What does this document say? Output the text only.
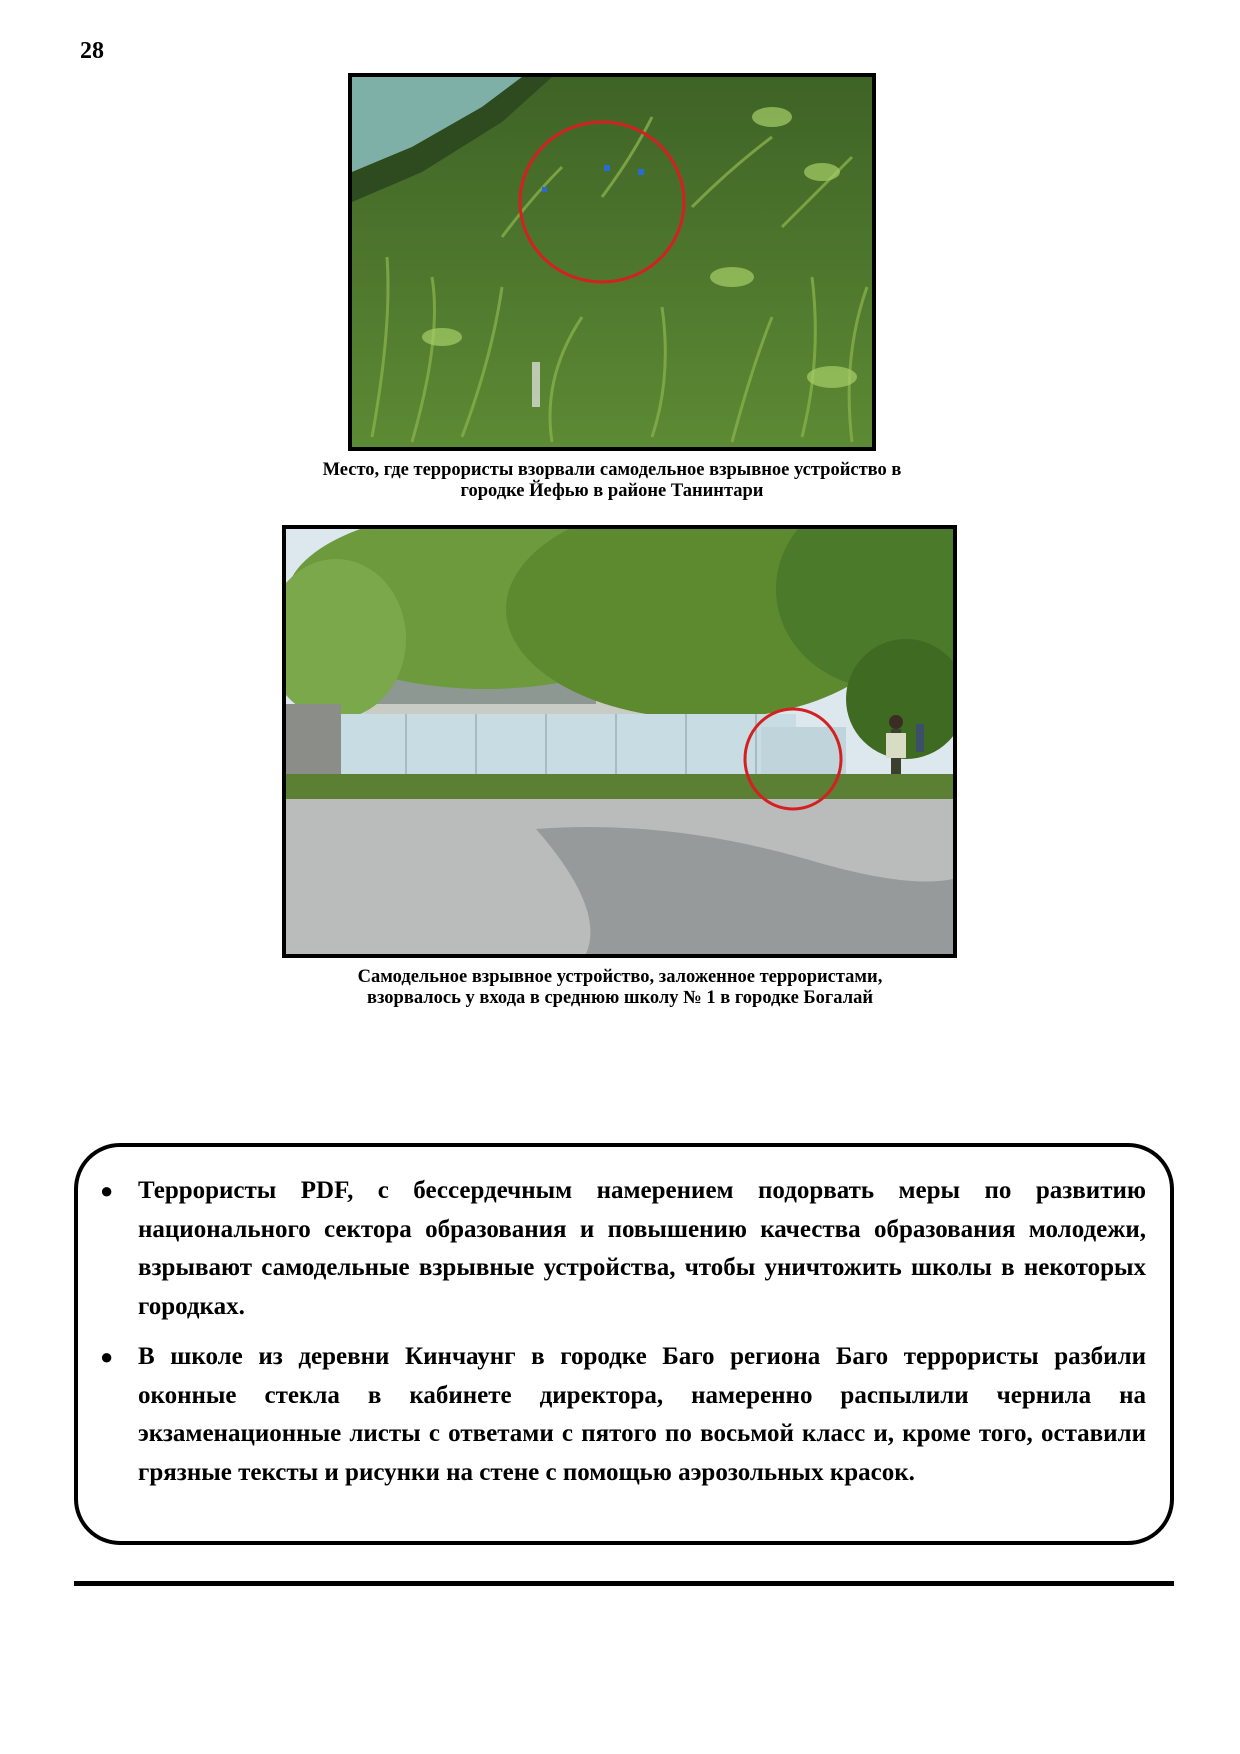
28
Место, где террористы взорвали самодельное взрывное устройство в
городке Йефью в районе Танинтари
Самодельное взрывное устройство, заложенное террористами,
взорвалось у входа в среднюю школу № 1 в городке Богалай
● Террористы PDF, с бессердечным намерением подорвать меры по развитию национального сектора образования и повышению качества образования молодежи, взрывают самодельные взрывные устройства, чтобы уничтожить школы в некоторых городках.
● В школе из деревни Кинчаунг в городке Баго региона Баго террористы разбили оконные стекла в кабинете директора, намеренно распылили чернила на экзаменационные листы с ответами с пятого по восьмой класс и, кроме того, оставили грязные тексты и рисунки на стене с помощью аэрозольных красок.
